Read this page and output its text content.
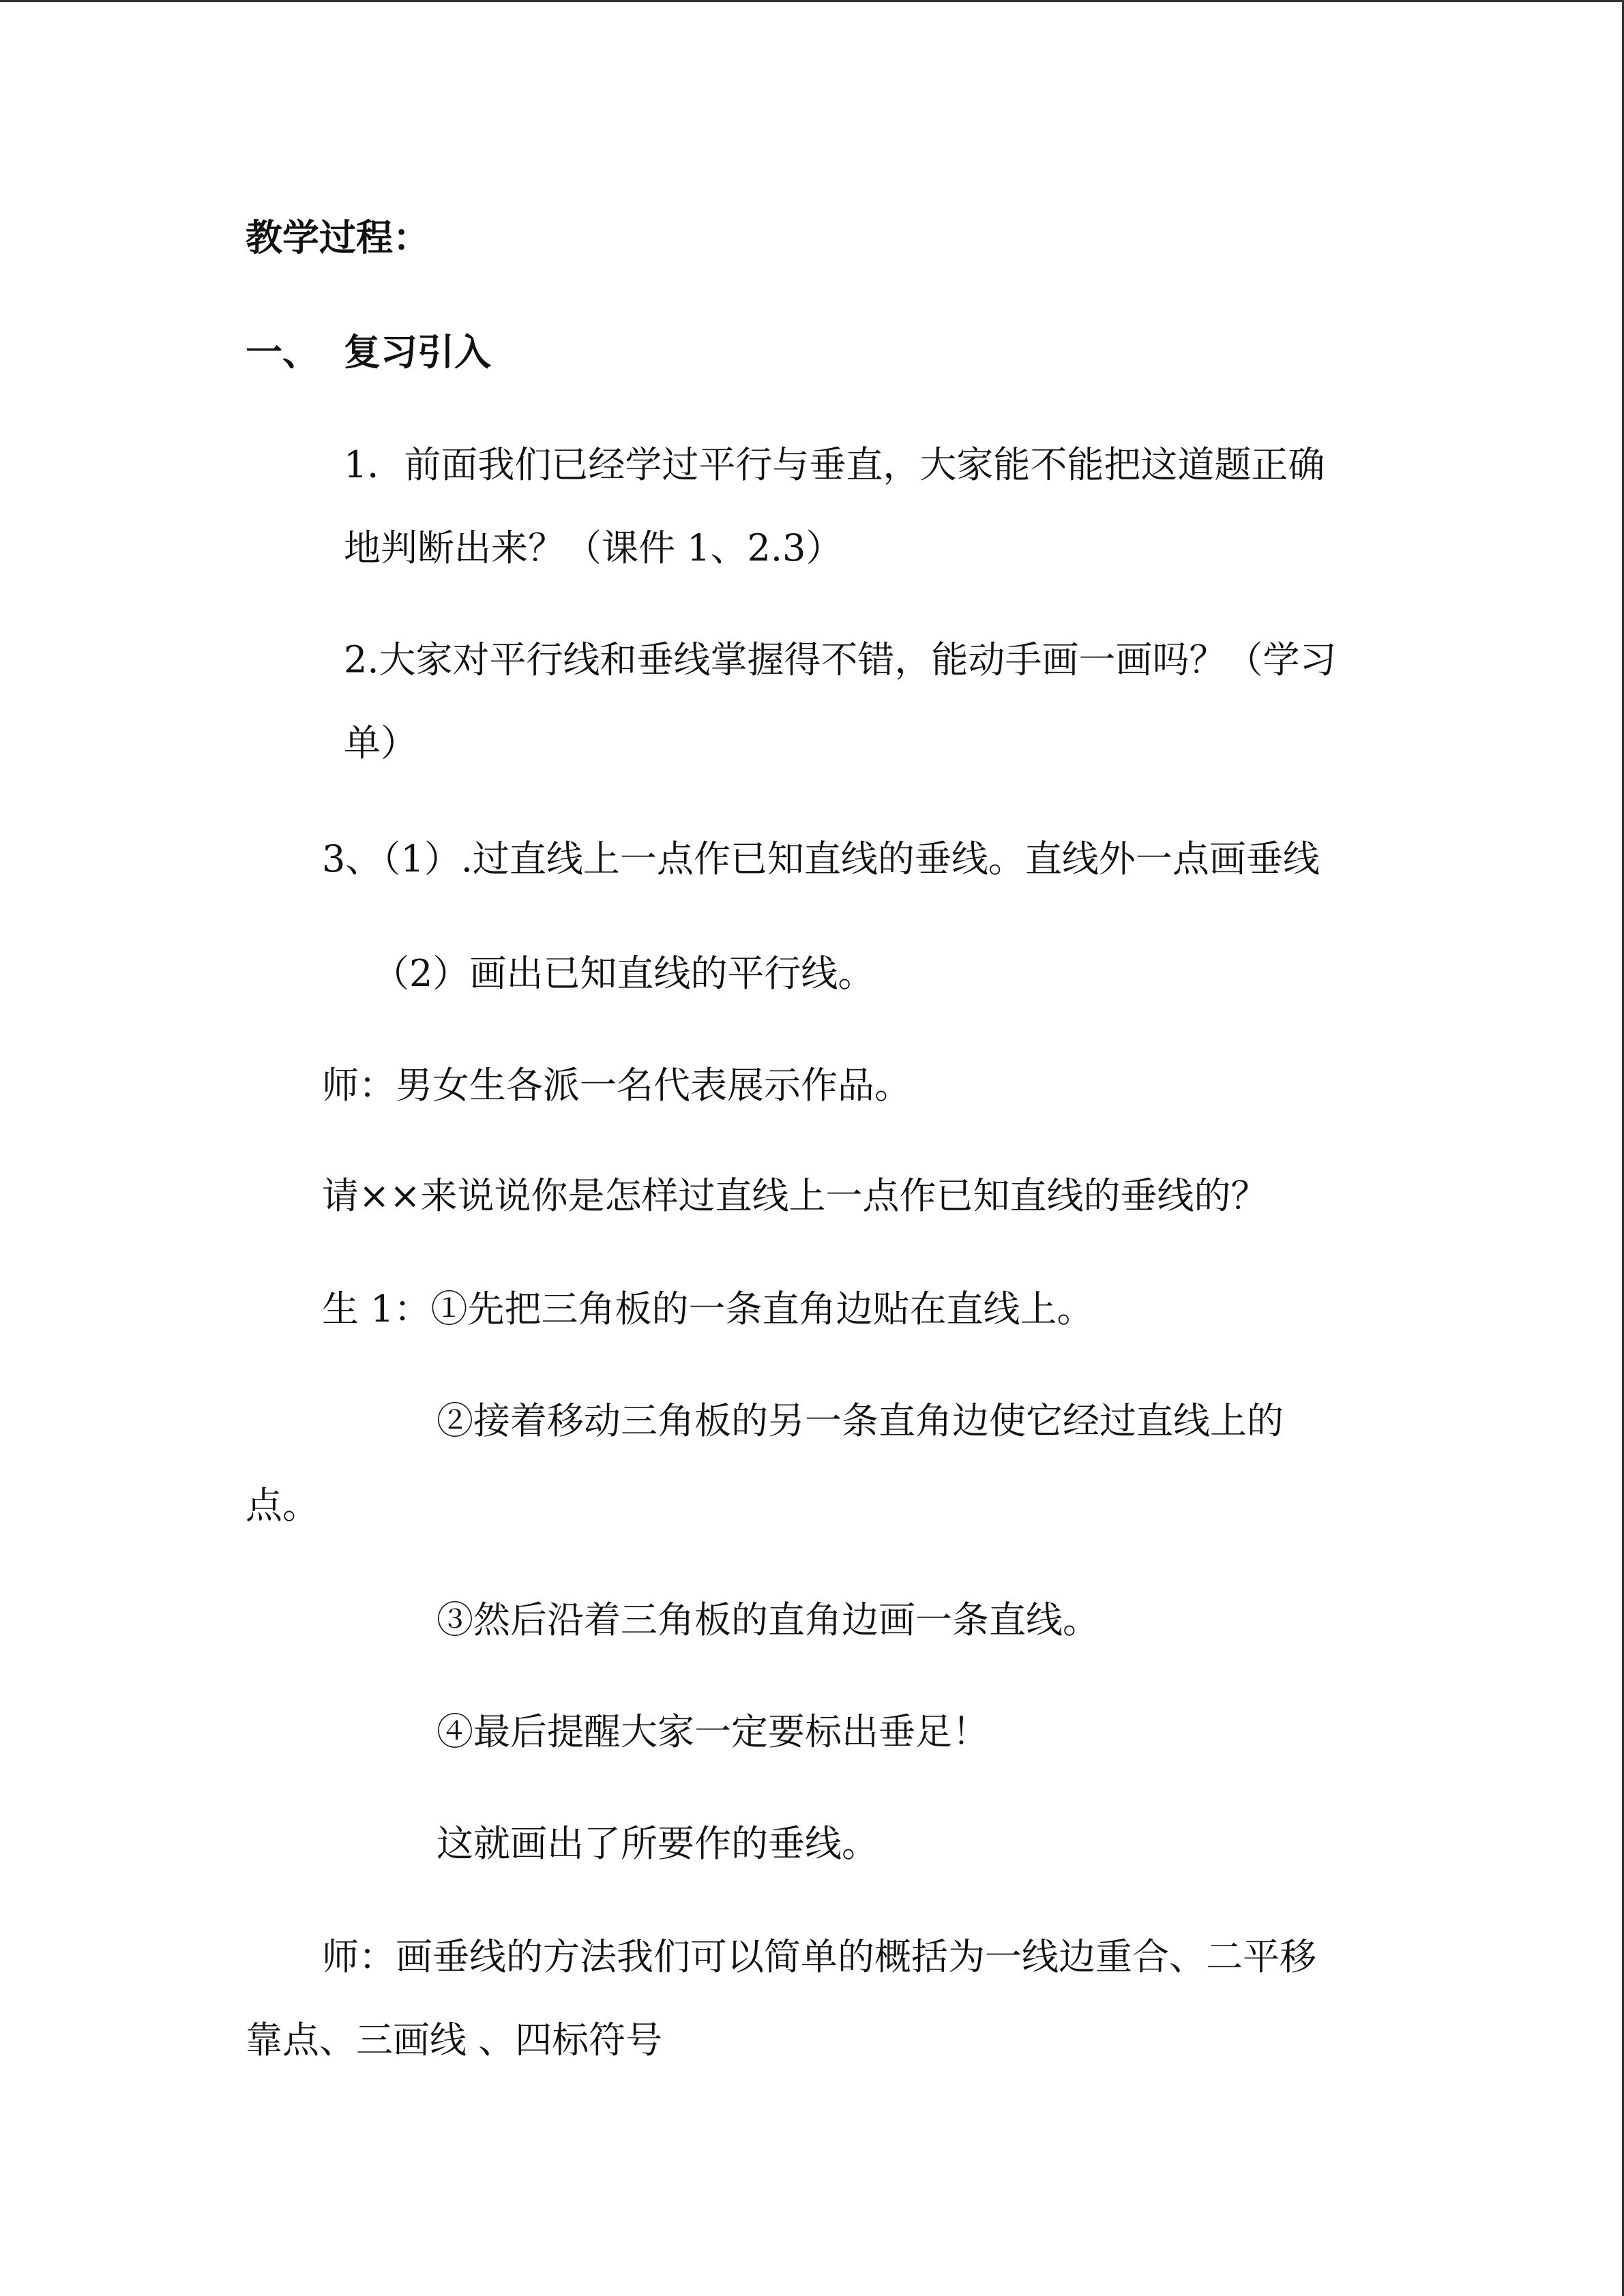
教学过程：
一、 复习引入
1．前面我们已经学过平行与垂直，大家能不能把这道题正确
地判断出来？（课件 1、2.3）
2.大家对平行线和垂线掌握得不错，能动手画一画吗？（学习
单）
3、（1）.过直线上一点作已知直线的垂线。直线外一点画垂线
（2）画出已知直线的平行线。
师：男女生各派一名代表展示作品。
请××来说说你是怎样过直线上一点作已知直线的垂线的？
生 1：①先把三角板的一条直角边贴在直线上。
②接着移动三角板的另一条直角边使它经过直线上的
点。
③然后沿着三角板的直角边画一条直线。
④最后提醒大家一定要标出垂足！
这就画出了所要作的垂线。
师：画垂线的方法我们可以简单的概括为一线边重合、二平移
靠点、三画线 、四标符号
